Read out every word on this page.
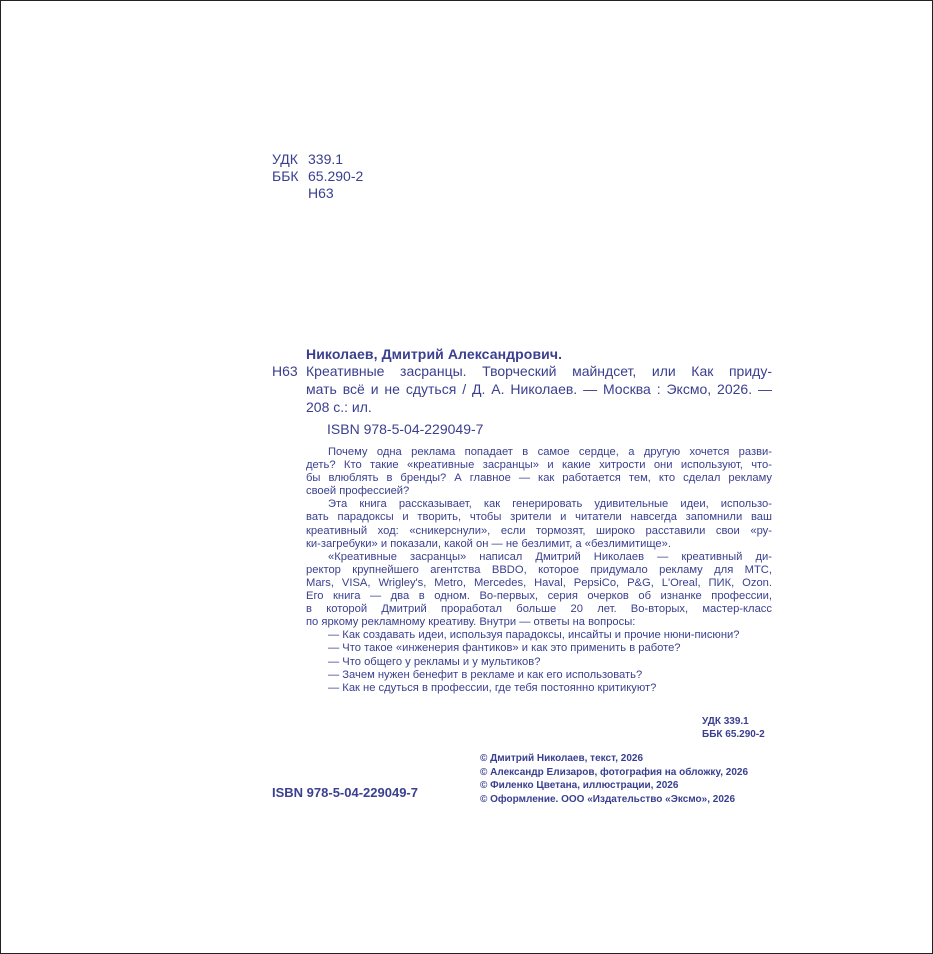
УДК 339.1
ББК 65.290-2
Н63
Николаев, Дмитрий Александрович.
Н63 Креативные засранцы. Творческий майндсет, или Как приду-
мать всё и не сдуться / Д. А. Николаев. — Москва : Эксмо, 2026. —
208 с.: ил.
ISBN 978-5-04-229049-7
Почему одна реклама попадает в самое сердце, а другую хочется разви-
деть? Кто такие «креативные засранцы» и какие хитрости они используют, что-
бы влюблять в бренды? А главное — как работается тем, кто сделал рекламу
своей профессией?
Эта книга рассказывает, как генерировать удивительные идеи, использо-
вать парадоксы и творить, чтобы зрители и читатели навсегда запомнили ваш
креативный ход: «сникерснули», если тормозят, широко расставили свои «ру-
ки-загребуки» и показали, какой он — не безлимит, а «безлимитище».
«Креативные засранцы» написал Дмитрий Николаев — креативный ди-
ректор крупнейшего агентства BBDO, которое придумало рекламу для МТС,
Mars, VISA, Wrigley's, Metro, Mercedes, Haval, PepsiCo, P&G, L'Oreal, ПИК, Ozon.
Его книга — два в одном. Во-первых, серия очерков об изнанке профессии,
в которой Дмитрий проработал больше 20 лет. Во-вторых, мастер-класс
по яркому рекламному креативу. Внутри — ответы на вопросы:
— Как создавать идеи, используя парадоксы, инсайты и прочие нюни-писюни?
— Что такое «инженерия фантиков» и как это применить в работе?
— Что общего у рекламы и у мультиков?
— Зачем нужен бенефит в рекламе и как его использовать?
— Как не сдуться в профессии, где тебя постоянно критикуют?
УДК 339.1
ББК 65.290-2
ISBN 978-5-04-229049-7
© Дмитрий Николаев, текст, 2026
© Александр Елизаров, фотография на обложку, 2026
© Филенко Цветана, иллюстрации, 2026
© Оформление. ООО «Издательство «Эксмо», 2026
